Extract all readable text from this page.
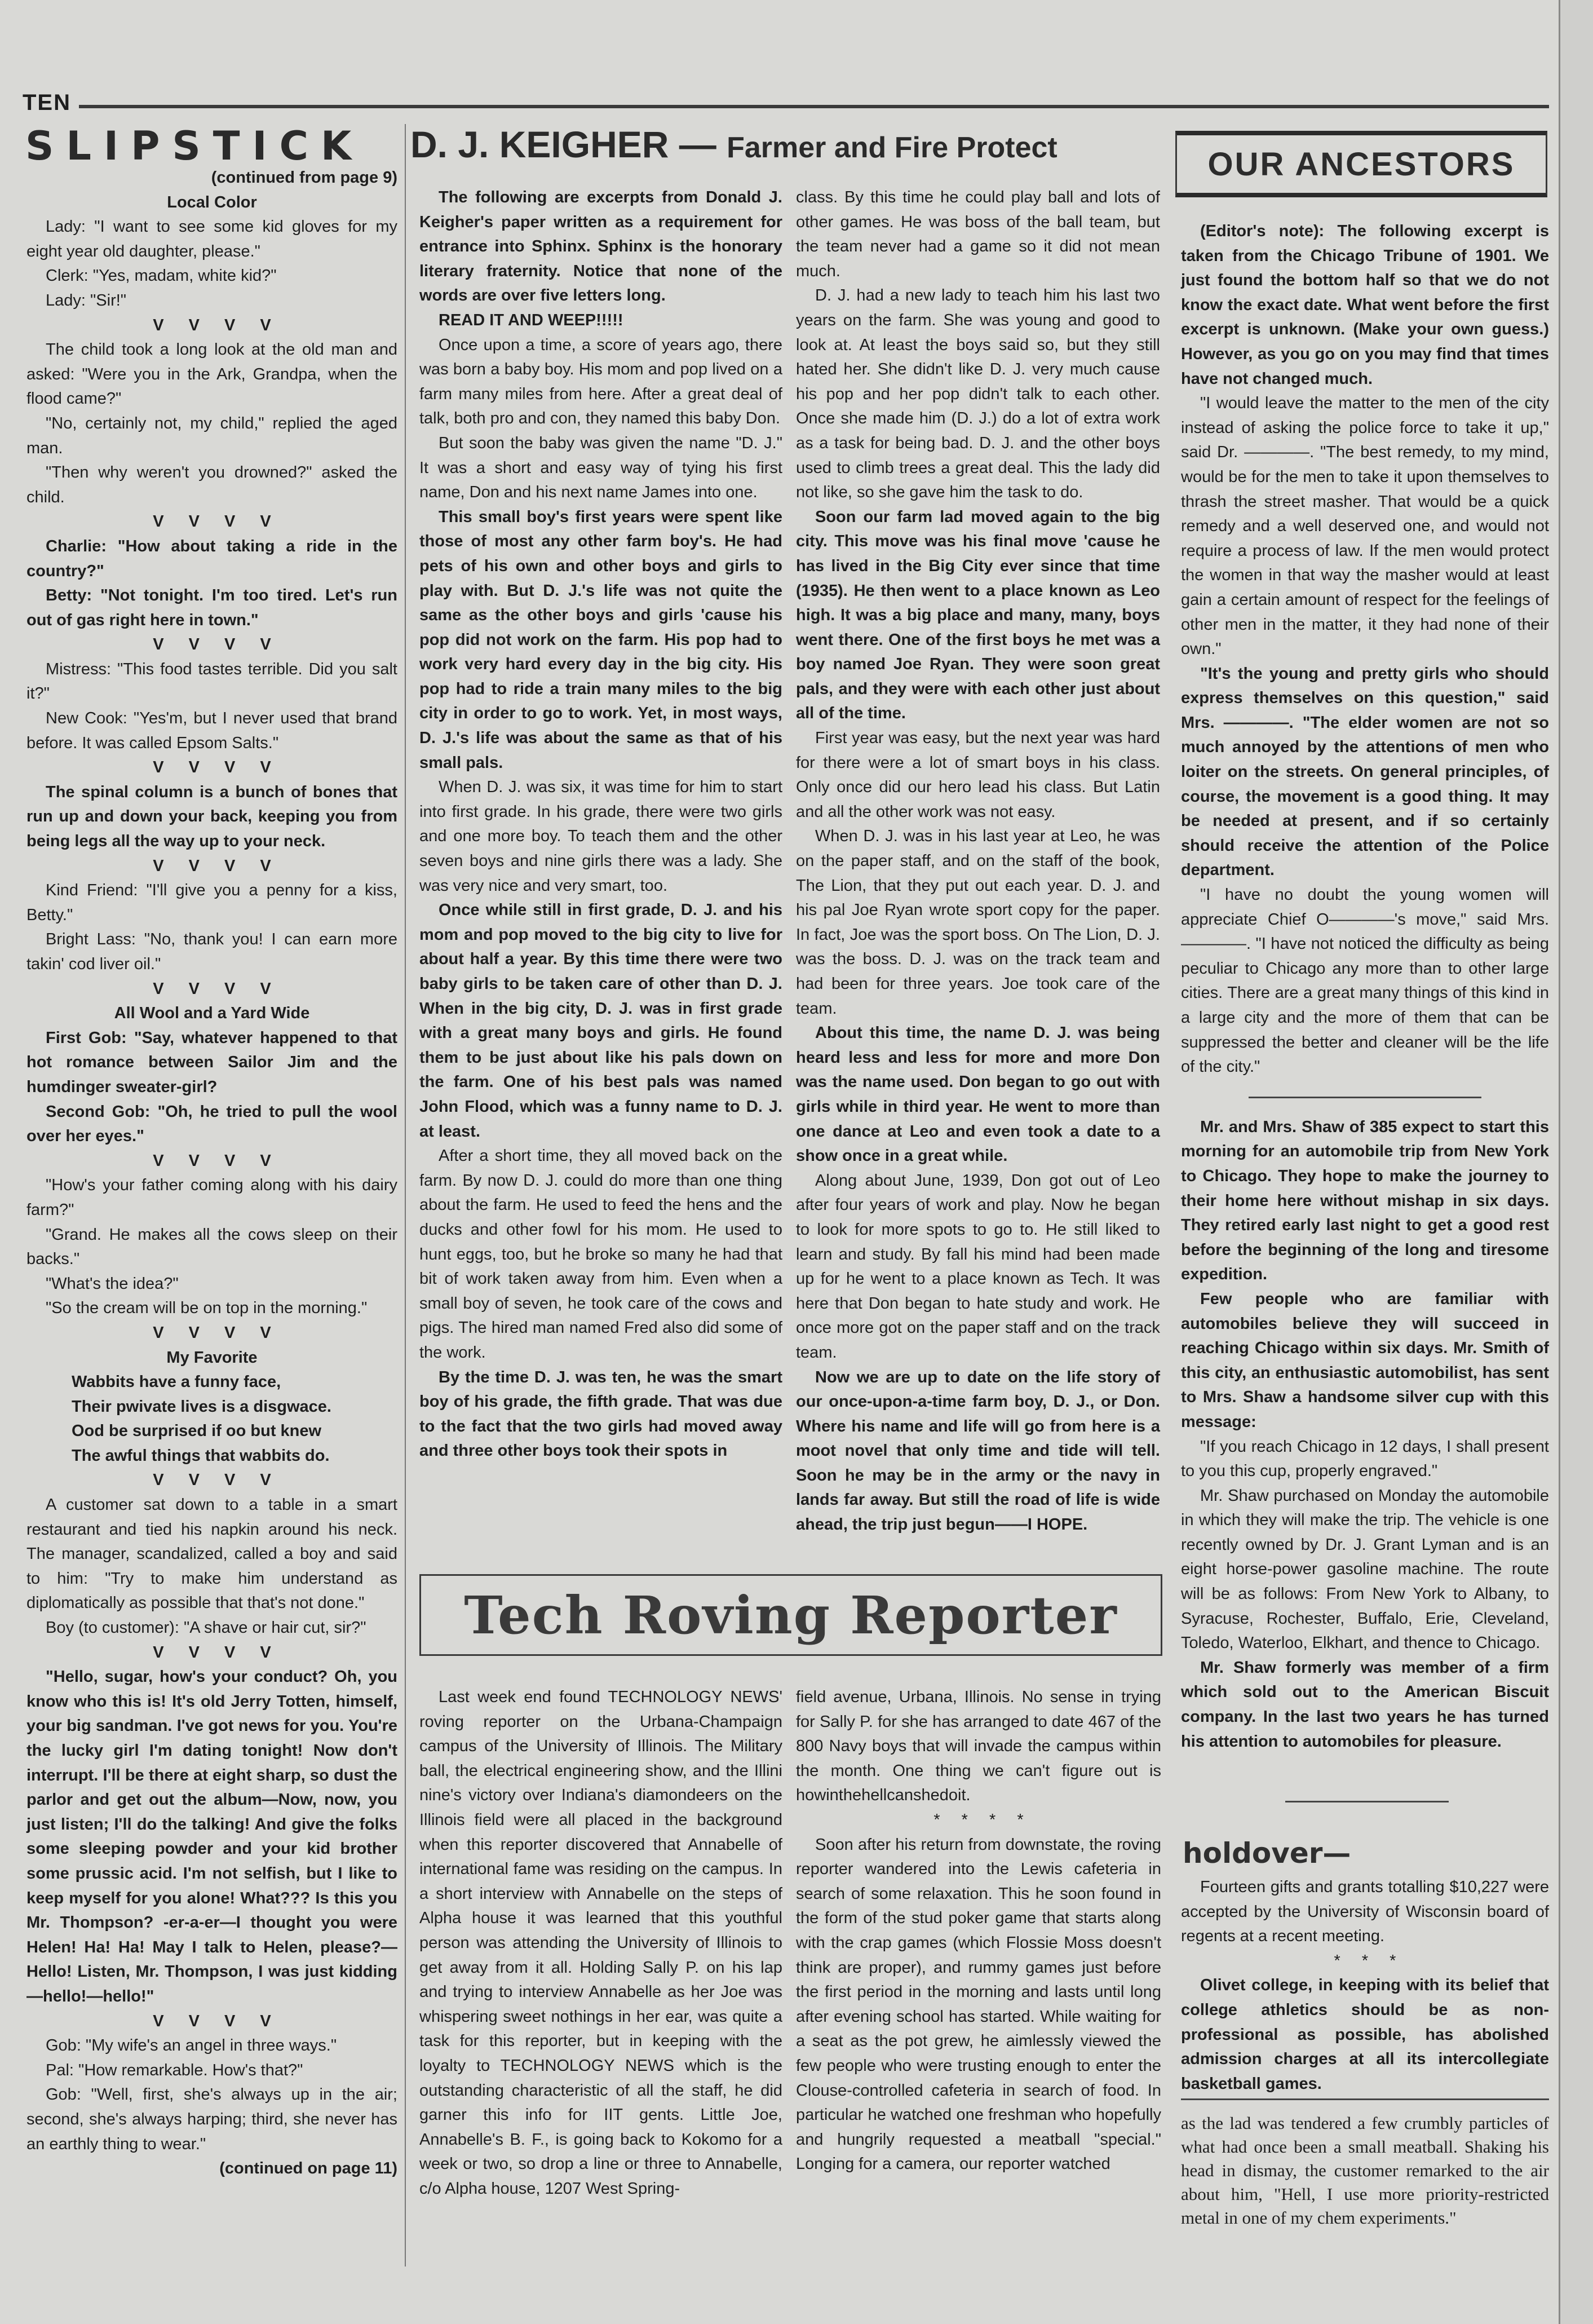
TEN
SLIPSTICK

(continued from page 9)

Local Color

Lady: "I want to see some kid gloves for my eight year old daughter, please."

Clerk: "Yes, madam, white kid?"

Lady: "Sir!"

V V V V

The child took a long look at the old man and asked: "Were you in the Ark, Grandpa, when the flood came?"

"No, certainly not, my child," replied the aged man.

"Then why weren't you drowned?" asked the child.

V V V V

Charlie: "How about taking a ride in the country?"

Betty: "Not tonight. I'm too tired. Let's run out of gas right here in town."

V V V V

Mistress: "This food tastes terrible. Did you salt it?"

New Cook: "Yes'm, but I never used that brand before. It was called Epsom Salts."

V V V V

The spinal column is a bunch of bones that run up and down your back, keeping you from being legs all the way up to your neck.

V V V V

Kind Friend: "I'll give you a penny for a kiss, Betty."

Bright Lass: "No, thank you! I can earn more takin' cod liver oil."

V V V V

All Wool and a Yard Wide

First Gob: "Say, whatever happened to that hot romance between Sailor Jim and the humdinger sweater-girl?

Second Gob: "Oh, he tried to pull the wool over her eyes."

V V V V

"How's your father coming along with his dairy farm?"

"Grand. He makes all the cows sleep on their backs."

"What's the idea?"

"So the cream will be on top in the morning."

V V V V

My Favorite

Wabbits have a funny face,

Their pwivate lives is a disgwace.

Ood be surprised if oo but knew

The awful things that wabbits do.

V V V V

A customer sat down to a table in a smart restaurant and tied his napkin around his neck. The manager, scandalized, called a boy and said to him: "Try to make him understand as diplomatically as possible that that's not done."

Boy (to customer): "A shave or hair cut, sir?"

V V V V

"Hello, sugar, how's your conduct? Oh, you know who this is! It's old Jerry Totten, himself, your big sandman. I've got news for you. You're the lucky girl I'm dating tonight! Now don't interrupt. I'll be there at eight sharp, so dust the parlor and get out the album—Now, now, you just listen; I'll do the talking! And give the folks some sleeping powder and your kid brother some prussic acid. I'm not selfish, but I like to keep myself for you alone! What??? Is this you Mr. Thompson? -er-a-er—I thought you were Helen! Ha! Ha! May I talk to Helen, please?—Hello! Listen, Mr. Thompson, I was just kidding—hello!—hello!"

V V V V

Gob: "My wife's an angel in three ways."

Pal: "How remarkable. How's that?"

Gob: "Well, first, she's always up in the air; second, she's always harping; third, she never has an earthly thing to wear."

(continued on page 11)

D. J. KEIGHER — Farmer and Fire Protect

The following are excerpts from Donald J. Keigher's paper written as a requirement for entrance into Sphinx. Sphinx is the honorary literary fraternity. Notice that none of the words are over five letters long.

READ IT AND WEEP!!!!!

Once upon a time, a score of years ago, there was born a baby boy. His mom and pop lived on a farm many miles from here. After a great deal of talk, both pro and con, they named this baby Don.

But soon the baby was given the name "D. J." It was a short and easy way of tying his first name, Don and his next name James into one.

This small boy's first years were spent like those of most any other farm boy's. He had pets of his own and other boys and girls to play with. But D. J.'s life was not quite the same as the other boys and girls 'cause his pop did not work on the farm. His pop had to work very hard every day in the big city. His pop had to ride a train many miles to the big city in order to go to work. Yet, in most ways, D. J.'s life was about the same as that of his small pals.

When D. J. was six, it was time for him to start into first grade. In his grade, there were two girls and one more boy. To teach them and the other seven boys and nine girls there was a lady. She was very nice and very smart, too.

Once while still in first grade, D. J. and his mom and pop moved to the big city to live for about half a year. By this time there were two baby girls to be taken care of other than D. J. When in the big city, D. J. was in first grade with a great many boys and girls. He found them to be just about like his pals down on the farm. One of his best pals was named John Flood, which was a funny name to D. J. at least.

After a short time, they all moved back on the farm. By now D. J. could do more than one thing about the farm. He used to feed the hens and the ducks and other fowl for his mom. He used to hunt eggs, too, but he broke so many he had that bit of work taken away from him. Even when a small boy of seven, he took care of the cows and pigs. The hired man named Fred also did some of the work.

By the time D. J. was ten, he was the smart boy of his grade, the fifth grade. That was due to the fact that the two girls had moved away and three other boys took their spots in

class. By this time he could play ball and lots of other games. He was boss of the ball team, but the team never had a game so it did not mean much.

D. J. had a new lady to teach him his last two years on the farm. She was young and good to look at. At least the boys said so, but they still hated her. She didn't like D. J. very much cause his pop and her pop didn't talk to each other. Once she made him (D. J.) do a lot of extra work as a task for being bad. D. J. and the other boys used to climb trees a great deal. This the lady did not like, so she gave him the task to do.

Soon our farm lad moved again to the big city. This move was his final move 'cause he has lived in the Big City ever since that time (1935). He then went to a place known as Leo high. It was a big place and many, many, boys went there. One of the first boys he met was a boy named Joe Ryan. They were soon great pals, and they were with each other just about all of the time.

First year was easy, but the next year was hard for there were a lot of smart boys in his class. Only once did our hero lead his class. But Latin and all the other work was not easy.

When D. J. was in his last year at Leo, he was on the paper staff, and on the staff of the book, The Lion, that they put out each year. D. J. and his pal Joe Ryan wrote sport copy for the paper. In fact, Joe was the sport boss. On The Lion, D. J. was the boss. D. J. was on the track team and had been for three years. Joe took care of the team.

About this time, the name D. J. was being heard less and less for more and more Don was the name used. Don began to go out with girls while in third year. He went to more than one dance at Leo and even took a date to a show once in a great while.

Along about June, 1939, Don got out of Leo after four years of work and play. Now he began to look for more spots to go to. He still liked to learn and study. By fall his mind had been made up for he went to a place known as Tech. It was here that Don began to hate study and work. He once more got on the paper staff and on the track team.

Now we are up to date on the life story of our once-upon-a-time farm boy, D. J., or Don. Where his name and life will go from here is a moot novel that only time and tide will tell. Soon he may be in the army or the navy in lands far away. But still the road of life is wide ahead, the trip just begun——I HOPE.

OUR ANCESTORS

(Editor's note): The following excerpt is taken from the Chicago Tribune of 1901. We just found the bottom half so that we do not know the exact date. What went before the first excerpt is unknown. (Make your own guess.) However, as you go on you may find that times have not changed much.

"I would leave the matter to the men of the city instead of asking the police force to take it up," said Dr. ————. "The best remedy, to my mind, would be for the men to take it upon themselves to thrash the street masher. That would be a quick remedy and a well deserved one, and would not require a process of law. If the men would protect the women in that way the masher would at least gain a certain amount of respect for the feelings of other men in the matter, it they had none of their own."

"It's the young and pretty girls who should express themselves on this question," said Mrs. ————. "The elder women are not so much annoyed by the attentions of men who loiter on the streets. On general principles, of course, the movement is a good thing. It may be needed at present, and if so certainly should receive the attention of the Police department.

"I have no doubt the young women will appreciate Chief O————'s move," said Mrs. ————. "I have not noticed the difficulty as being peculiar to Chicago any more than to other large cities. There are a great many things of this kind in a large city and the more of them that can be suppressed the better and cleaner will be the life of the city."

Mr. and Mrs. Shaw of 385 expect to start this morning for an automobile trip from New York to Chicago. They hope to make the journey to their home here without mishap in six days. They retired early last night to get a good rest before the beginning of the long and tiresome expedition.

Few people who are familiar with automobiles believe they will succeed in reaching Chicago within six days. Mr. Smith of this city, an enthusiastic automobilist, has sent to Mrs. Shaw a handsome silver cup with this message:

"If you reach Chicago in 12 days, I shall present to you this cup, properly engraved."

Mr. Shaw purchased on Monday the automobile in which they will make the trip. The vehicle is one recently owned by Dr. J. Grant Lyman and is an eight horse-power gasoline machine. The route will be as follows: From New York to Albany, to Syracuse, Rochester, Buffalo, Erie, Cleveland, Toledo, Waterloo, Elkhart, and thence to Chicago.

Mr. Shaw formerly was member of a firm which sold out to the American Biscuit company. In the last two years he has turned his attention to automobiles for pleasure.

holdover—

Fourteen gifts and grants totalling $10,227 were accepted by the University of Wisconsin board of regents at a recent meeting.

* * *

Olivet college, in keeping with its belief that college athletics should be as non-professional as possible, has abolished admission charges at all its intercollegiate basketball games.

as the lad was tendered a few crumbly particles of what had once been a small meatball. Shaking his head in dismay, the customer remarked to the air about him, "Hell, I use more priority-restricted metal in one of my chem experiments."

Tech Roving Reporter

Last week end found TECHNOLOGY NEWS' roving reporter on the Urbana-Champaign campus of the University of Illinois. The Military ball, the electrical engineering show, and the Illini nine's victory over Indiana's diamondeers on the Illinois field were all placed in the background when this reporter discovered that Annabelle of international fame was residing on the campus. In a short interview with Annabelle on the steps of Alpha house it was learned that this youthful person was attending the University of Illinois to get away from it all. Holding Sally P. on his lap and trying to interview Annabelle as her Joe was whispering sweet nothings in her ear, was quite a task for this reporter, but in keeping with the loyalty to TECHNOLOGY NEWS which is the outstanding characteristic of all the staff, he did garner this info for IIT gents. Little Joe, Annabelle's B. F., is going back to Kokomo for a week or two, so drop a line or three to Annabelle, c/o Alpha house, 1207 West Spring-

field avenue, Urbana, Illinois. No sense in trying for Sally P. for she has arranged to date 467 of the 800 Navy boys that will invade the campus within the month. One thing we can't figure out is howinthehellcanshedoit.

* * * *

Soon after his return from downstate, the roving reporter wandered into the Lewis cafeteria in search of some relaxation. This he soon found in the form of the stud poker game that starts along with the crap games (which Flossie Moss doesn't think are proper), and rummy games just before the first period in the morning and lasts until long after evening school has started. While waiting for a seat as the pot grew, he aimlessly viewed the few people who were trusting enough to enter the Clouse-controlled cafeteria in search of food. In particular he watched one freshman who hopefully and hungrily requested a meatball "special." Longing for a camera, our reporter watched
